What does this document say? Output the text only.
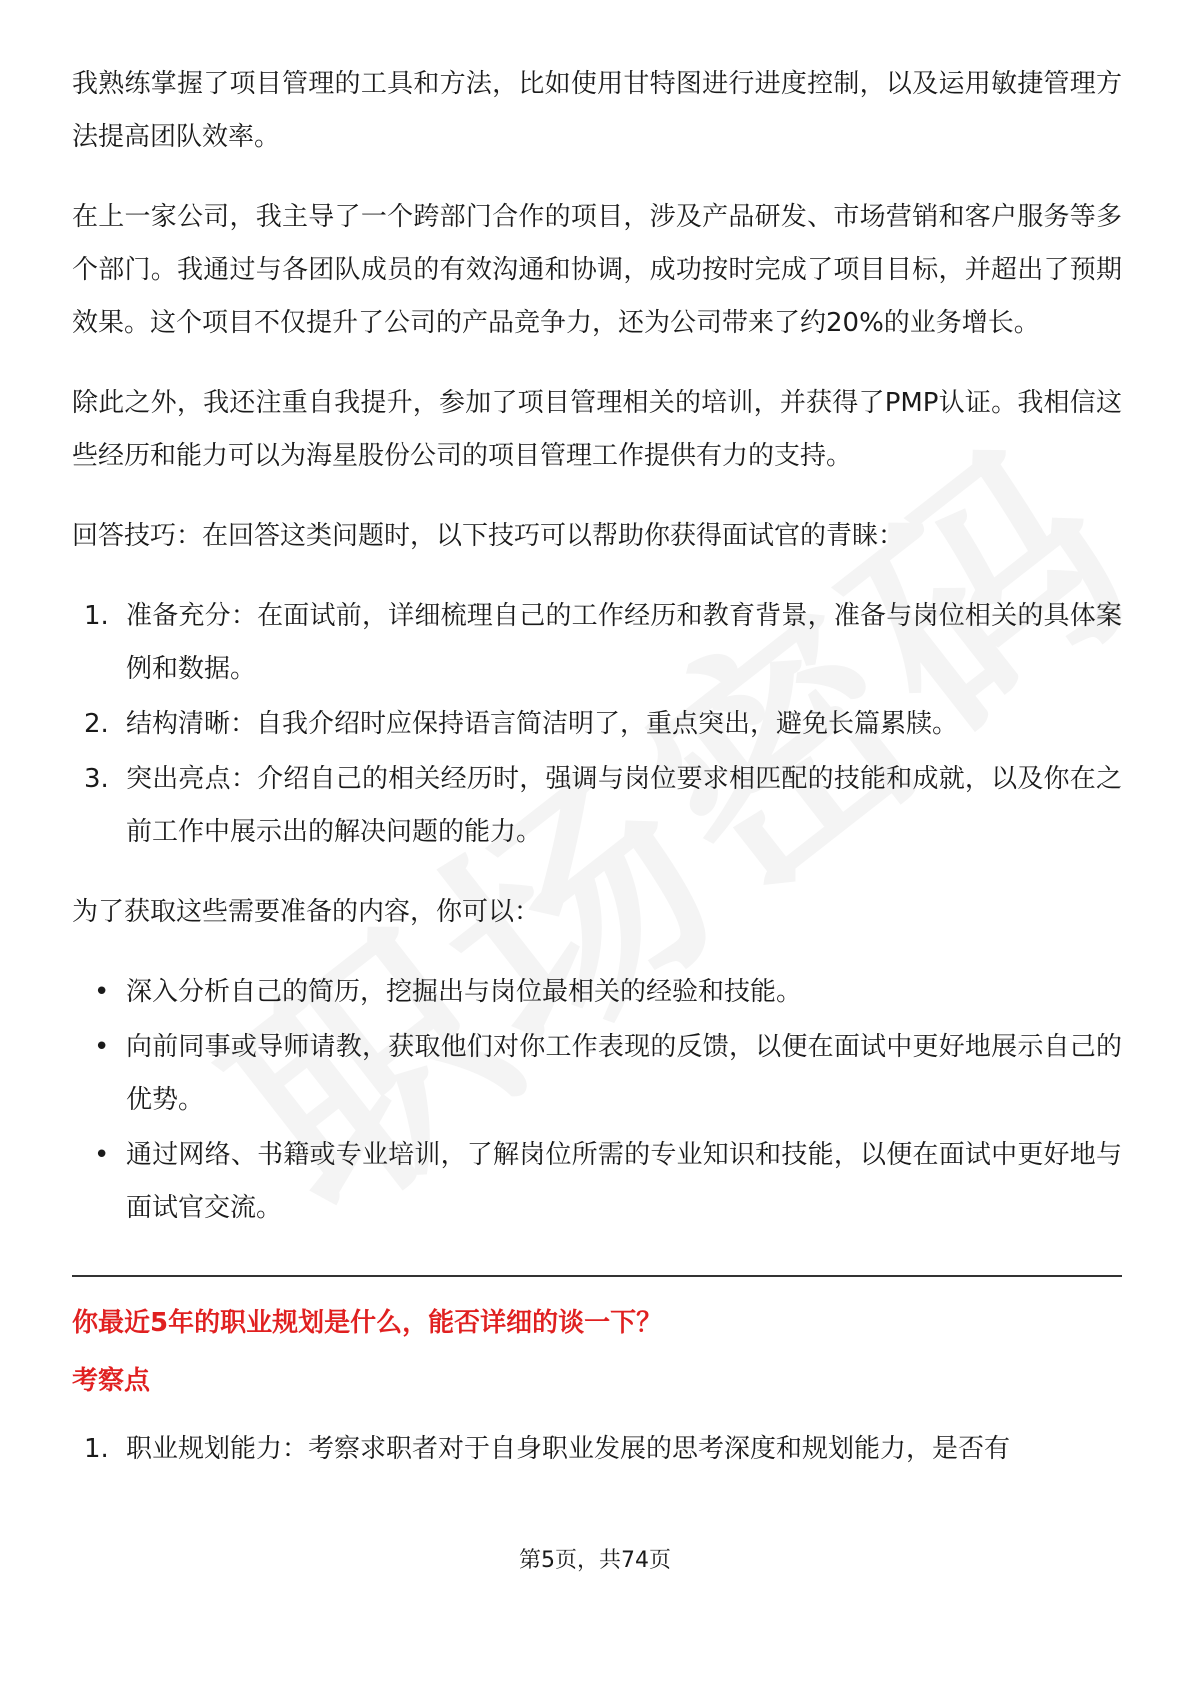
我熟练掌握了项目管理的工具和方法，比如使用甘特图进行进度控制，以及运用敏捷管理方法提高团队效率。

在上一家公司，我主导了一个跨部门合作的项目，涉及产品研发、市场营销和客户服务等多个部门。我通过与各团队成员的有效沟通和协调，成功按时完成了项目目标，并超出了预期效果。这个项目不仅提升了公司的产品竞争力，还为公司带来了约20%的业务增长。

除此之外，我还注重自我提升，参加了项目管理相关的培训，并获得了PMP认证。我相信这些经历和能力可以为海星股份公司的项目管理工作提供有力的支持。

回答技巧：在回答这类问题时，以下技巧可以帮助你获得面试官的青睐：

1. 准备充分：在面试前，详细梳理自己的工作经历和教育背景，准备与岗位相关的具体案例和数据。
2. 结构清晰：自我介绍时应保持语言简洁明了，重点突出，避免长篇累牍。
3. 突出亮点：介绍自己的相关经历时，强调与岗位要求相匹配的技能和成就，以及你在之前工作中展示出的解决问题的能力。

为了获取这些需要准备的内容，你可以：

• 深入分析自己的简历，挖掘出与岗位最相关的经验和技能。
• 向前同事或导师请教，获取他们对你工作表现的反馈，以便在面试中更好地展示自己的优势。
• 通过网络、书籍或专业培训，了解岗位所需的专业知识和技能，以便在面试中更好地与面试官交流。
你最近5年的职业规划是什么，能否详细的谈一下？
考察点
1. 职业规划能力：考察求职者对于自身职业发展的思考深度和规划能力，是否有
第5页，共74页
